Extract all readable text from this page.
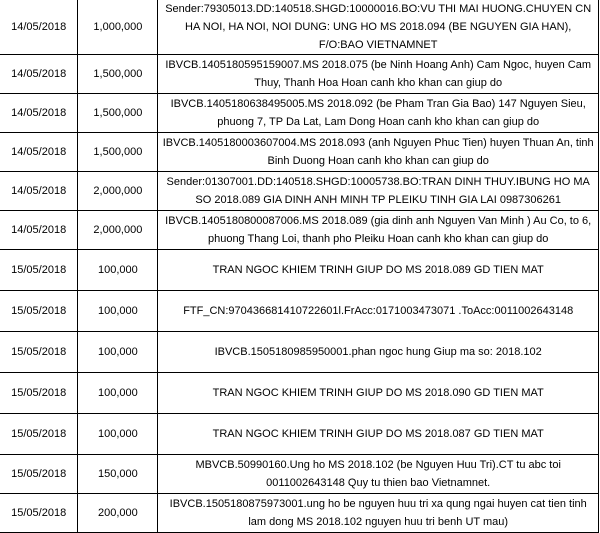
14/05/2018	1,000,000	Sender:79305013.DD:140518.SHGD:10000016.BO:VU THI MAI HUONG.CHUYEN CN HA NOI, HA NOI, NOI DUNG: UNG HO MS 2018.094 (BE NGUYEN GIA HAN), F/O:BAO VIETNAMNET
14/05/2018	1,500,000	IBVCB.1405180595159007.MS 2018.075 (be Ninh Hoang Anh) Cam Ngoc, huyen Cam Thuy, Thanh Hoa Hoan canh kho khan can giup do
14/05/2018	1,500,000	IBVCB.1405180638495005.MS 2018.092 (be Pham Tran Gia Bao) 147 Nguyen Sieu, phuong 7, TP Da Lat, Lam Dong Hoan canh kho khan can giup do
14/05/2018	1,500,000	IBVCB.1405180003607004.MS 2018.093 (anh Nguyen Phuc Tien) huyen Thuan An, tinh Binh Duong Hoan canh kho khan can giup do
14/05/2018	2,000,000	Sender:01307001.DD:140518.SHGD:10005738.BO:TRAN DINH THUY.IBUNG HO MA SO 2018.089 GIA DINH ANH MINH TP PLEIKU TINH GIA LAI 0987306261
14/05/2018	2,000,000	IBVCB.1405180800087006.MS 2018.089 (gia dinh anh Nguyen Van Minh ) Au Co, to 6, phuong Thang Loi, thanh pho Pleiku Hoan canh kho khan can giup do
15/05/2018	100,000	TRAN NGOC KHIEM TRINH GIUP DO MS 2018.089 GD TIEN MAT
15/05/2018	100,000	FTF_CN:970436681410722601l.FrAcc:0171003473071 .ToAcc:0011002643148
15/05/2018	100,000	IBVCB.1505180985950001.phan ngoc hung Giup ma so: 2018.102
15/05/2018	100,000	TRAN NGOC KHIEM TRINH GIUP DO MS 2018.090 GD TIEN MAT
15/05/2018	100,000	TRAN NGOC KHIEM TRINH GIUP DO MS 2018.087 GD TIEN MAT
15/05/2018	150,000	MBVCB.50990160.Ung ho MS 2018.102 (be Nguyen Huu Tri).CT tu abc toi 0011002643148 Quy tu thien bao Vietnamnet.
15/05/2018	200,000	IBVCB.1505180875973001.ung ho be nguyen huu tri xa qung ngai huyen cat tien tinh lam dong MS 2018.102 nguyen huu tri benh UT mau)
